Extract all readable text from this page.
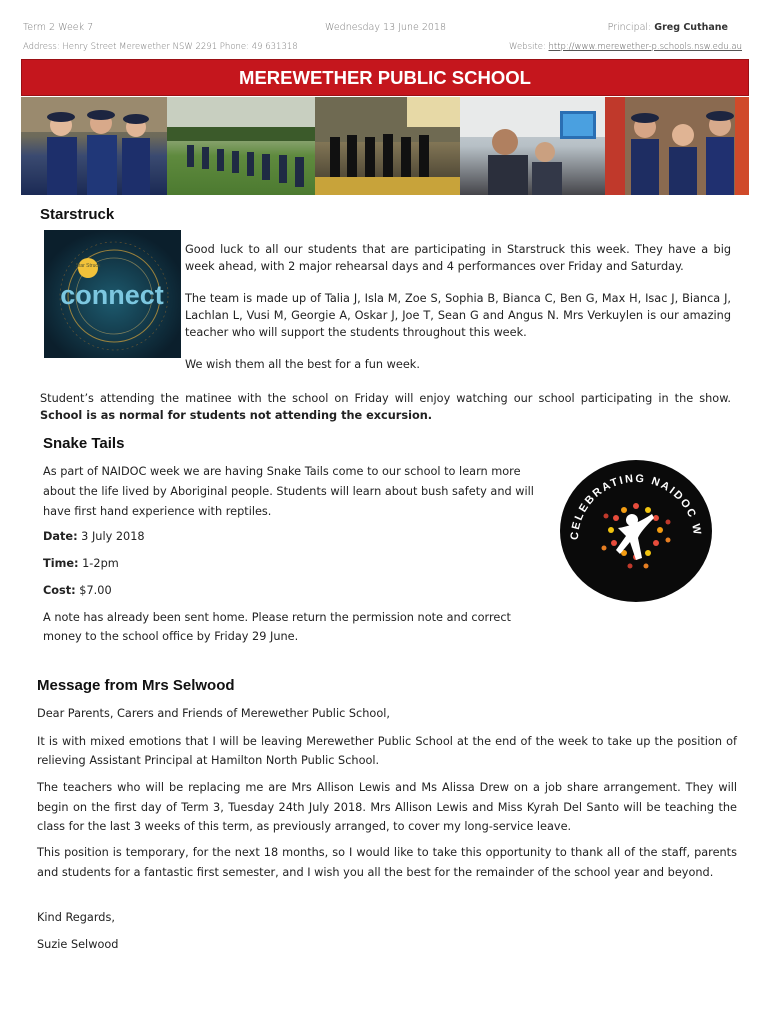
Term 2 Week 7	Wednesday 13 June 2018	Principal: Greg Cuthane
Address: Henry Street Merewether NSW 2291 Phone: 49 631318	Website: http://www.merewether-p.schools.nsw.edu.au
MEREWETHER PUBLIC SCHOOL
Starstruck
Star Struck
connect

Good luck to all our students that are participating in Starstruck this week. They have a big week ahead, with 2 major rehearsal days and 4 performances over Friday and Saturday.

The team is made up of Talia J, Isla M, Zoe S, Sophia B, Bianca C, Ben G, Max H, Isac J, Bianca J, Lachlan L, Vusi M, Georgie A, Oskar J, Joe T, Sean G and Angus N. Mrs Verkuylen is our amazing teacher who will support the students throughout this week.

We wish them all the best for a fun week.

Student’s attending the matinee with the school on Friday will enjoy watching our school participating in the show. School is as normal for students not attending the excursion.

Snake Tails

As part of NAIDOC week we are having Snake Tails come to our school to learn more about the life lived by Aboriginal people. Students will learn about bush safety and will have first hand experience with reptiles.

Date: 3 July 2018

Time: 1-2pm

Cost: $7.00

A note has already been sent home. Please return the permission note and correct money to the school office by Friday 29 June.

CELEBRATING NAIDOC W
Message from Mrs Selwood

Dear Parents, Carers and Friends of Merewether Public School,

It is with mixed emotions that I will be leaving Merewether Public School at the end of the week to take up the position of relieving Assistant Principal at Hamilton North Public School.

The teachers who will be replacing me are Mrs Allison Lewis and Ms Alissa Drew on a job share arrangement. They will begin on the first day of Term 3, Tuesday 24th July 2018. Mrs Allison Lewis and Miss Kyrah Del Santo will be teaching the class for the last 3 weeks of this term, as previously arranged, to cover my long-service leave.

This position is temporary, for the next 18 months, so I would like to take this opportunity to thank all of the staff, parents and students for a fantastic first semester, and I wish you all the best for the remainder of the school year and beyond.

Kind Regards,

Suzie Selwood
